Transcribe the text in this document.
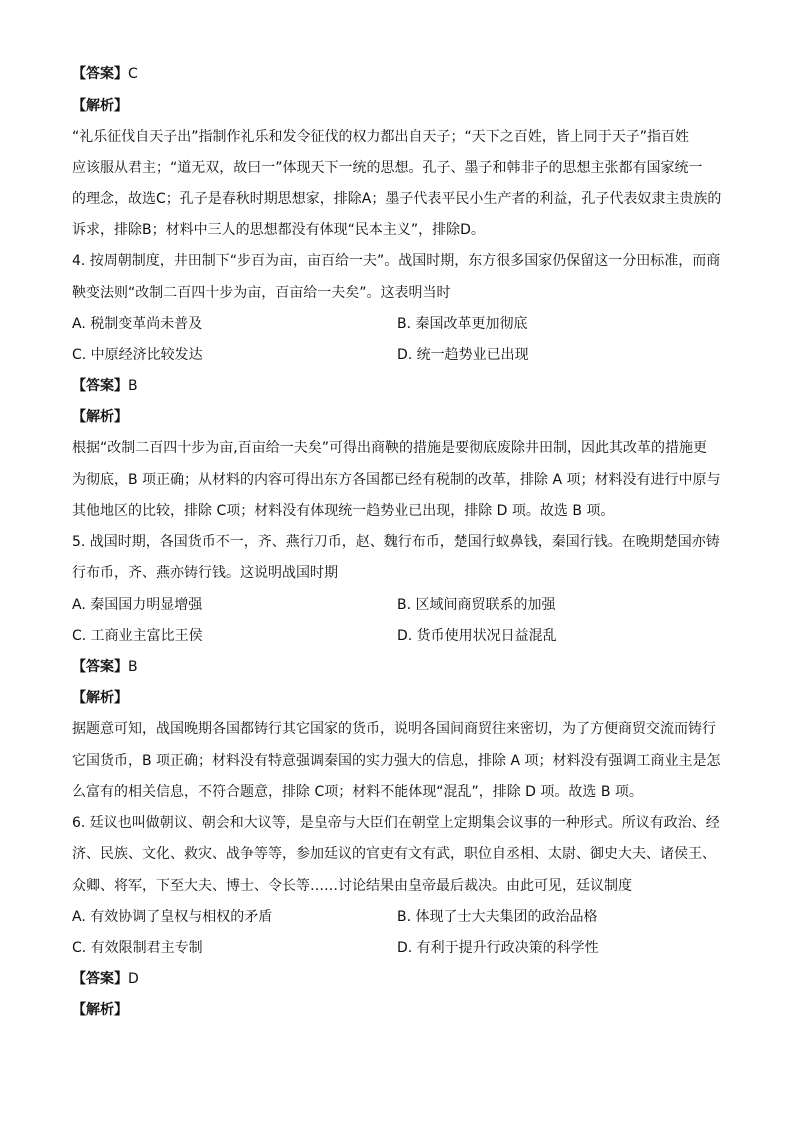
【答案】C
【解析】
“礼乐征伐自天子出”指制作礼乐和发令征伐的权力都出自天子；“天下之百姓，皆上同于天子”指百姓
应该服从君主；“道无双，故曰一”体现天下一统的思想。孔子、墨子和韩非子的思想主张都有国家统一
的理念，故选C；孔子是春秋时期思想家，排除A；墨子代表平民小生产者的利益，孔子代表奴隶主贵族的
诉求，排除B；材料中三人的思想都没有体现“民本主义”，排除D。
4. 按周朝制度，井田制下“步百为亩，亩百给一夫”。战国时期，东方很多国家仍保留这一分田标准，而商
鞅变法则“改制二百四十步为亩，百亩给一夫矣”。这表明当时
A. 税制变革尚未普及	B. 秦国改革更加彻底
C. 中原经济比较发达	D. 统一趋势业已出现
【答案】B
【解析】
根据“改制二百四十步为亩,百亩给一夫矣”可得出商鞅的措施是要彻底废除井田制，因此其改革的措施更
为彻底，B 项正确；从材料的内容可得出东方各国都已经有税制的改革，排除 A 项；材料没有进行中原与
其他地区的比较，排除 C项；材料没有体现统一趋势业已出现，排除 D 项。故选 B 项。
5. 战国时期，各国货币不一，齐、燕行刀币，赵、魏行布币，楚国行蚁鼻钱，秦国行钱。在晚期楚国亦铸
行布币，齐、燕亦铸行钱。这说明战国时期
A. 秦国国力明显增强	B. 区域间商贸联系的加强
C. 工商业主富比王侯	D. 货币使用状况日益混乱
【答案】B
【解析】
据题意可知，战国晚期各国都铸行其它国家的货币，说明各国间商贸往来密切，为了方便商贸交流而铸行
它国货币，B 项正确；材料没有特意强调秦国的实力强大的信息，排除 A 项；材料没有强调工商业主是怎
么富有的相关信息，不符合题意，排除 C项；材料不能体现“混乱”，排除 D 项。故选 B 项。
6. 廷议也叫做朝议、朝会和大议等，是皇帝与大臣们在朝堂上定期集会议事的一种形式。所议有政治、经
济、民族、文化、救灾、战争等等，参加廷议的官吏有文有武，职位自丞相、太尉、御史大夫、诸侯王、
众卿、将军，下至大夫、博士、令长等……讨论结果由皇帝最后裁决。由此可见，廷议制度
A. 有效协调了皇权与相权的矛盾	B. 体现了士大夫集团的政治品格
C. 有效限制君主专制	D. 有利于提升行政决策的科学性
【答案】D
【解析】
